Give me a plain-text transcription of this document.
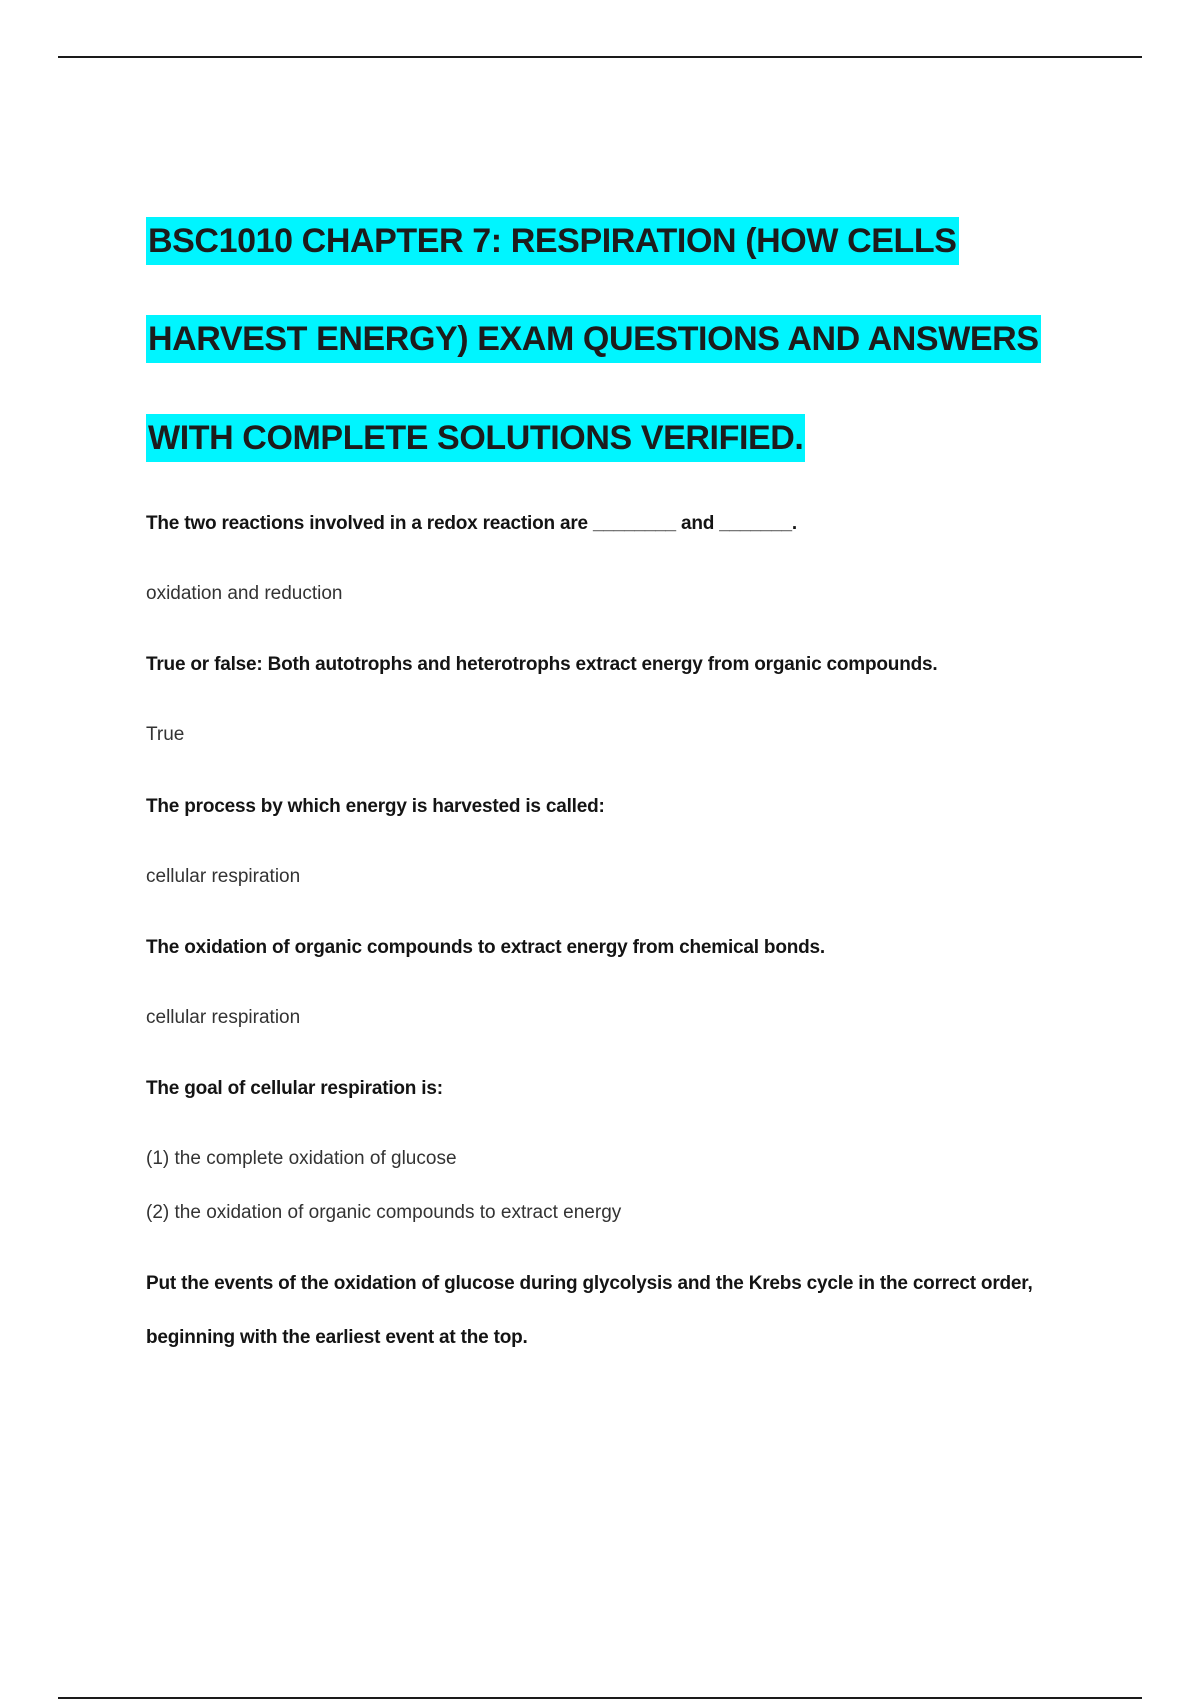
BSC1010 CHAPTER 7: RESPIRATION (HOW CELLS
HARVEST ENERGY) EXAM QUESTIONS AND ANSWERS
WITH COMPLETE SOLUTIONS VERIFIED.
The two reactions involved in a redox reaction are ________ and _______.
oxidation and reduction
True or false: Both autotrophs and heterotrophs extract energy from organic compounds.
True
The process by which energy is harvested is called:
cellular respiration
The oxidation of organic compounds to extract energy from chemical bonds.
cellular respiration
The goal of cellular respiration is:
(1) the complete oxidation of glucose
(2) the oxidation of organic compounds to extract energy
Put the events of the oxidation of glucose during glycolysis and the Krebs cycle in the correct order,
beginning with the earliest event at the top.
